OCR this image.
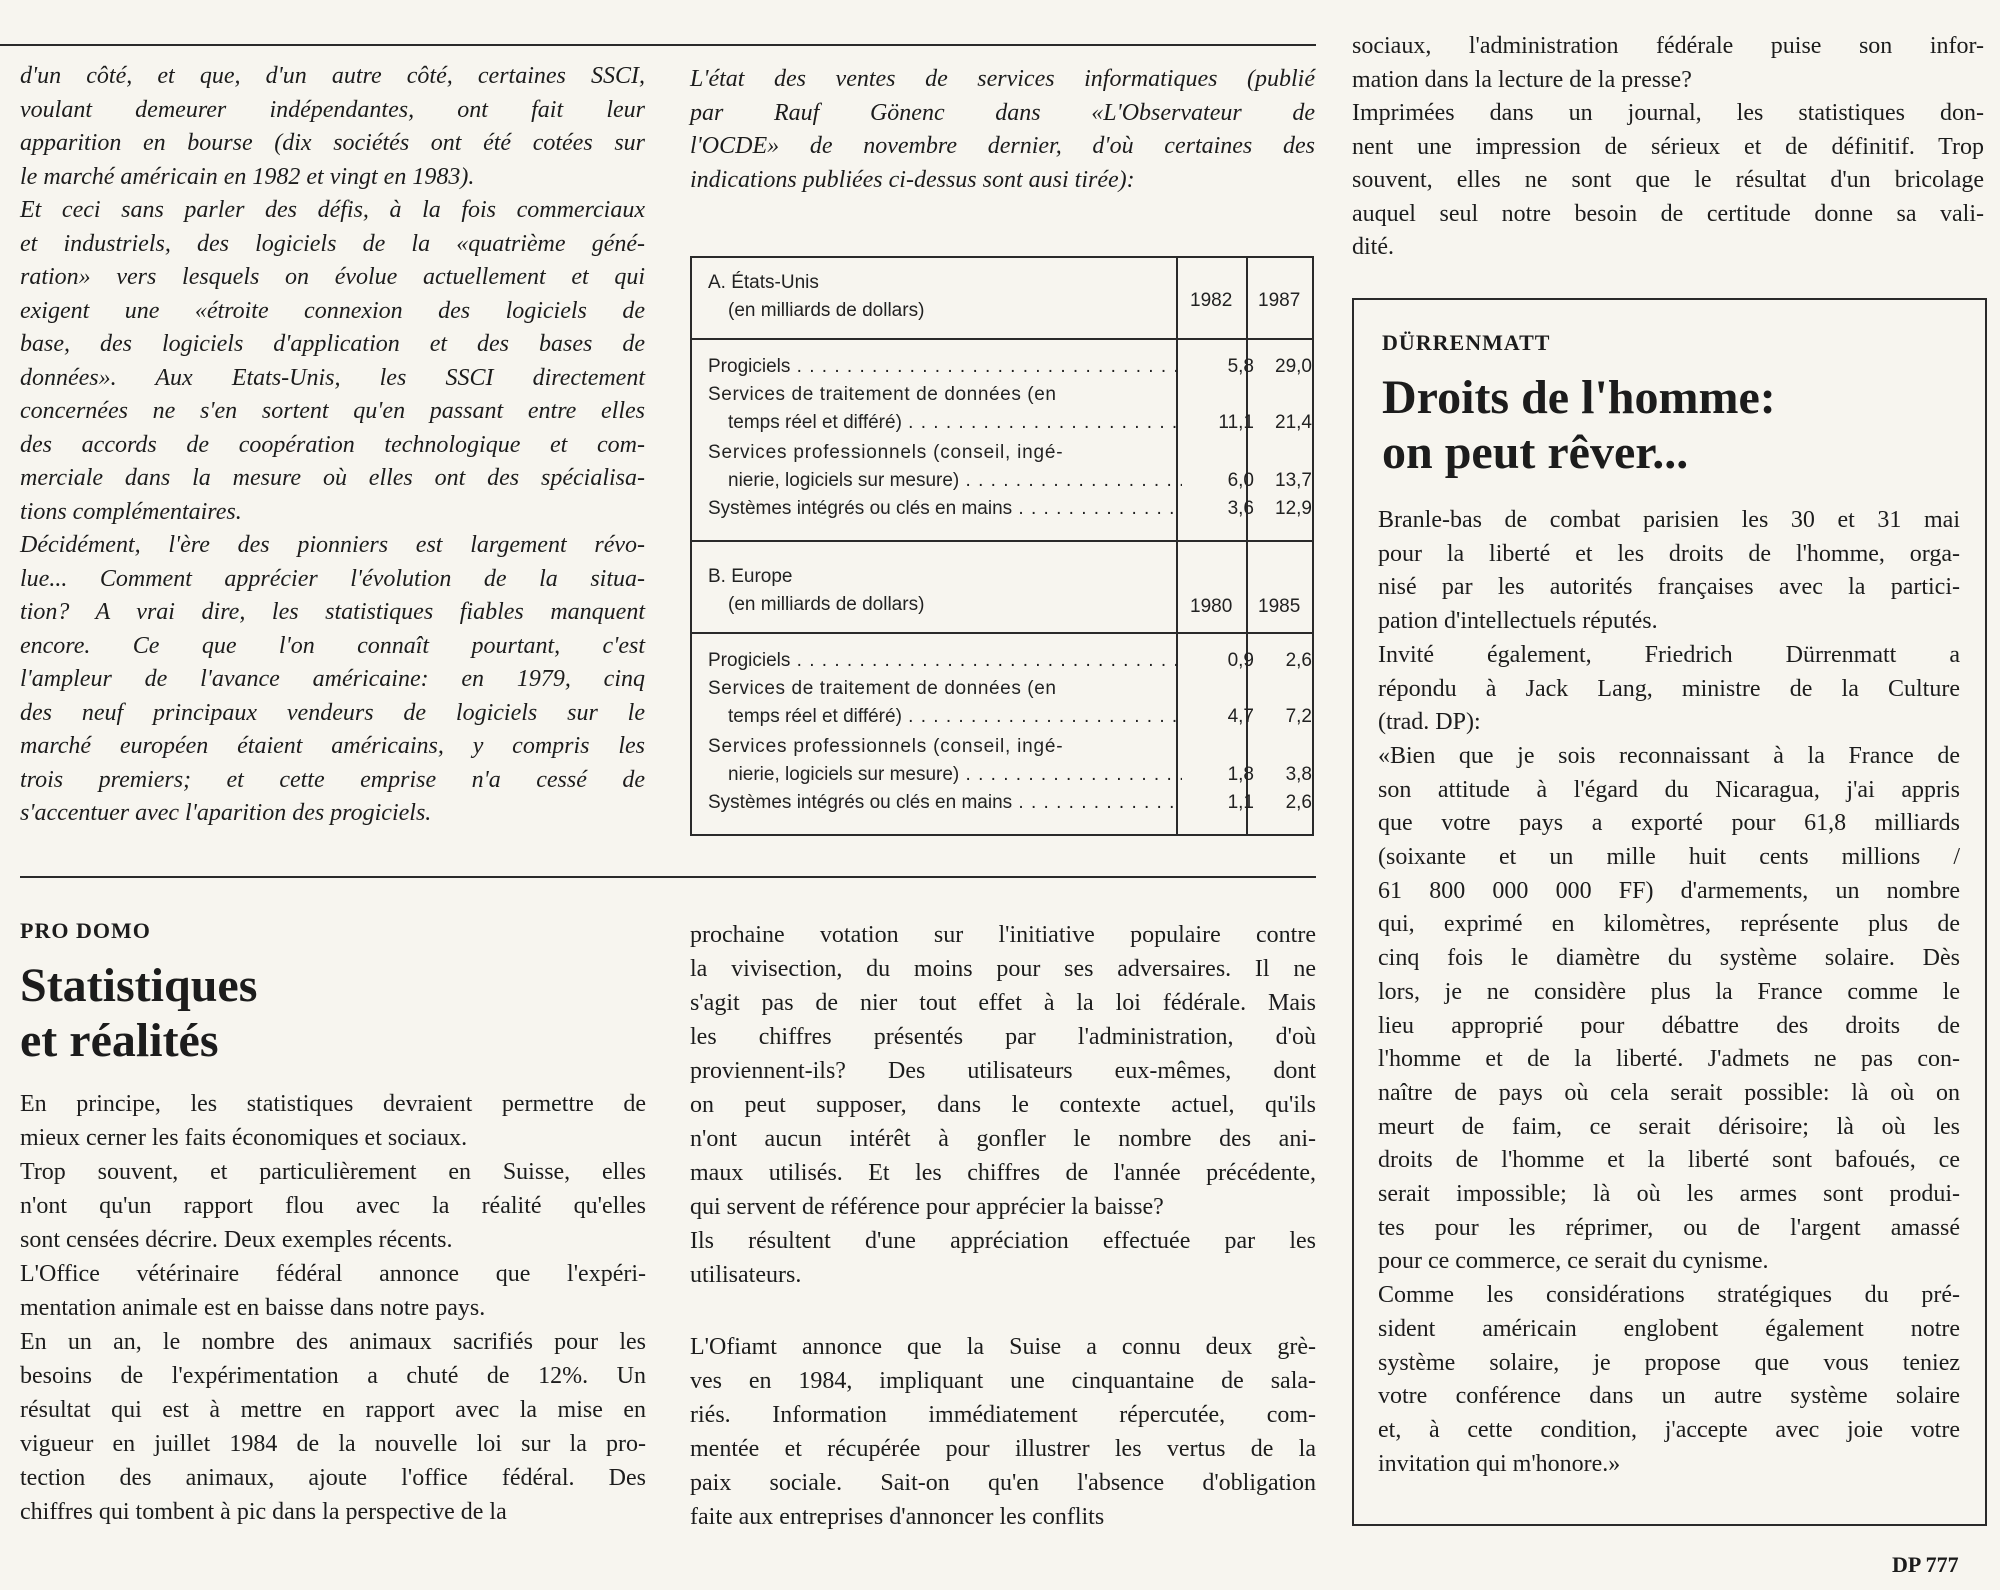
d'un côté, et que, d'un autre côté, certaines SSCI,
voulant demeurer indépendantes, ont fait leur
apparition en bourse (dix sociétés ont été cotées sur
le marché américain en 1982 et vingt en 1983).
Et ceci sans parler des défis, à la fois commerciaux
et industriels, des logiciels de la «quatrième géné-
ration» vers lesquels on évolue actuellement et qui
exigent une «étroite connexion des logiciels de
base, des logiciels d'application et des bases de
données». Aux Etats-Unis, les SSCI directement
concernées ne s'en sortent qu'en passant entre elles
des accords de coopération technologique et com-
merciale dans la mesure où elles ont des spécialisa-
tions complémentaires.
Décidément, l'ère des pionniers est largement révo-
lue... Comment apprécier l'évolution de la situa-
tion? A vrai dire, les statistiques fiables manquent
encore. Ce que l'on connaît pourtant, c'est
l'ampleur de l'avance américaine: en 1979, cinq
des neuf principaux vendeurs de logiciels sur le
marché européen étaient américains, y compris les
trois premiers; et cette emprise n'a cessé de
s'accentuer avec l'aparition des progiciels.
L'état des ventes de services informatiques (publié
par Rauf Gönenc dans «L'Observateur de
l'OCDE» de novembre dernier, d'où certaines des
indications publiées ci-dessus sont ausi tirée):
A. États-Unis
(en milliards de dollars)	1982 1987
Progiciels . . .	5,8	29,0
Services de traitement de données (en
temps réel et différé) . . .	11,1	21,4
Services professionnels (conseil, ingé-
nierie, logiciels sur mesure) . . .	6,0	13,7
Systèmes intégrés ou clés en mains . . .	3,6	12,9
B. Europe
(en milliards de dollars)	1980 1985
Progiciels . . .	0,9	2,6
Services de traitement de données (en
temps réel et différé) . . .	4,7	7,2
Services professionnels (conseil, ingé-
nierie, logiciels sur mesure) . . .	1,8	3,8
Systèmes intégrés ou clés en mains . . .	1,1	2,6
sociaux, l'administration fédérale puise son infor-
mation dans la lecture de la presse?
Imprimées dans un journal, les statistiques don-
nent une impression de sérieux et de définitif. Trop
souvent, elles ne sont que le résultat d'un bricolage
auquel seul notre besoin de certitude donne sa vali-
dité.
DÜRRENMATT
Droits de l'homme:
on peut rêver...
Branle-bas de combat parisien les 30 et 31 mai
pour la liberté et les droits de l'homme, orga-
nisé par les autorités françaises avec la partici-
pation d'intellectuels réputés.
Invité également, Friedrich Dürrenmatt a
répondu à Jack Lang, ministre de la Culture
(trad. DP):
«Bien que je sois reconnaissant à la France de
son attitude à l'égard du Nicaragua, j'ai appris
que votre pays a exporté pour 61,8 milliards
(soixante et un mille huit cents millions /
61 800 000 000 FF) d'armements, un nombre
qui, exprimé en kilomètres, représente plus de
cinq fois le diamètre du système solaire. Dès
lors, je ne considère plus la France comme le
lieu approprié pour débattre des droits de
l'homme et de la liberté. J'admets ne pas con-
naître de pays où cela serait possible: là où on
meurt de faim, ce serait dérisoire; là où les
droits de l'homme et la liberté sont bafoués, ce
serait impossible; là où les armes sont produi-
tes pour les réprimer, ou de l'argent amassé
pour ce commerce, ce serait du cynisme.
Comme les considérations stratégiques du pré-
sident américain englobent également notre
système solaire, je propose que vous teniez
votre conférence dans un autre système solaire
et, à cette condition, j'accepte avec joie votre
invitation qui m'honore.»
PRO DOMO
Statistiques
et réalités
En principe, les statistiques devraient permettre de
mieux cerner les faits économiques et sociaux.
Trop souvent, et particulièrement en Suisse, elles
n'ont qu'un rapport flou avec la réalité qu'elles
sont censées décrire. Deux exemples récents.
L'Office vétérinaire fédéral annonce que l'expéri-
mentation animale est en baisse dans notre pays.
En un an, le nombre des animaux sacrifiés pour les
besoins de l'expérimentation a chuté de 12%. Un
résultat qui est à mettre en rapport avec la mise en
vigueur en juillet 1984 de la nouvelle loi sur la pro-
tection des animaux, ajoute l'office fédéral. Des
chiffres qui tombent à pic dans la perspective de la
prochaine votation sur l'initiative populaire contre
la vivisection, du moins pour ses adversaires. Il ne
s'agit pas de nier tout effet à la loi fédérale. Mais
les chiffres présentés par l'administration, d'où
proviennent-ils? Des utilisateurs eux-mêmes, dont
on peut supposer, dans le contexte actuel, qu'ils
n'ont aucun intérêt à gonfler le nombre des ani-
maux utilisés. Et les chiffres de l'année précédente,
qui servent de référence pour apprécier la baisse?
Ils résultent d'une appréciation effectuée par les
utilisateurs.
L'Ofiamt annonce que la Suise a connu deux grè-
ves en 1984, impliquant une cinquantaine de sala-
riés. Information immédiatement répercutée, com-
mentée et récupérée pour illustrer les vertus de la
paix sociale. Sait-on qu'en l'absence d'obligation
faite aux entreprises d'annoncer les conflits
DP 777
